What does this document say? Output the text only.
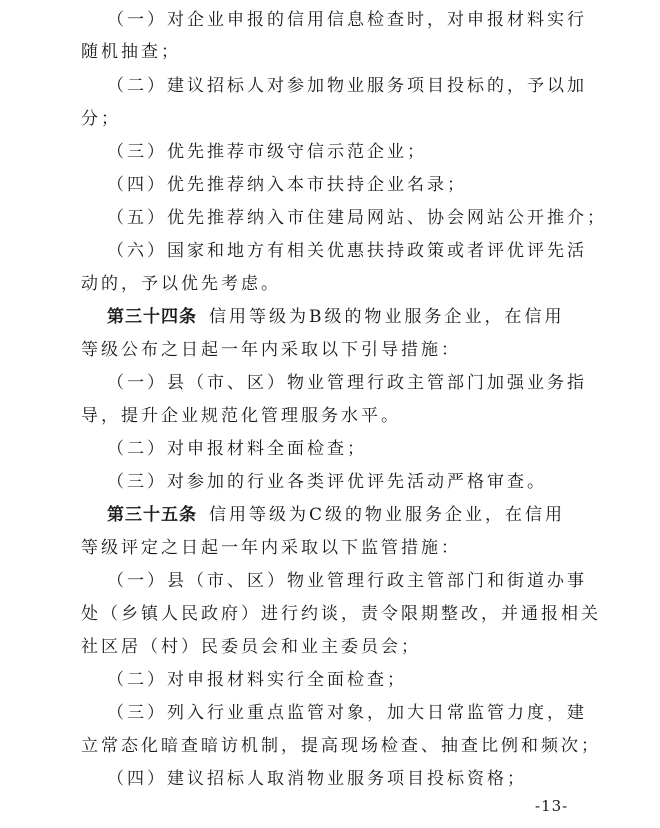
（一）对企业申报的信用信息检查时，对申报材料实行
随机抽查；
（二）建议招标人对参加物业服务项目投标的，予以加
分；
（三）优先推荐市级守信示范企业；
（四）优先推荐纳入本市扶持企业名录；
（五）优先推荐纳入市住建局网站、协会网站公开推介；
（六）国家和地方有相关优惠扶持政策或者评优评先活
动的，予以优先考虑。
第三十四条 信用等级为B级的物业服务企业，在信用
等级公布之日起一年内采取以下引导措施：
（一）县（市、区）物业管理行政主管部门加强业务指
导，提升企业规范化管理服务水平。
（二）对申报材料全面检查；
（三）对参加的行业各类评优评先活动严格审查。
第三十五条 信用等级为C级的物业服务企业，在信用
等级评定之日起一年内采取以下监管措施：
（一）县（市、区）物业管理行政主管部门和街道办事
处（乡镇人民政府）进行约谈，责令限期整改，并通报相关
社区居（村）民委员会和业主委员会；
（二）对申报材料实行全面检查；
（三）列入行业重点监管对象，加大日常监管力度，建
立常态化暗查暗访机制，提高现场检查、抽查比例和频次；
（四）建议招标人取消物业服务项目投标资格；
-13-
